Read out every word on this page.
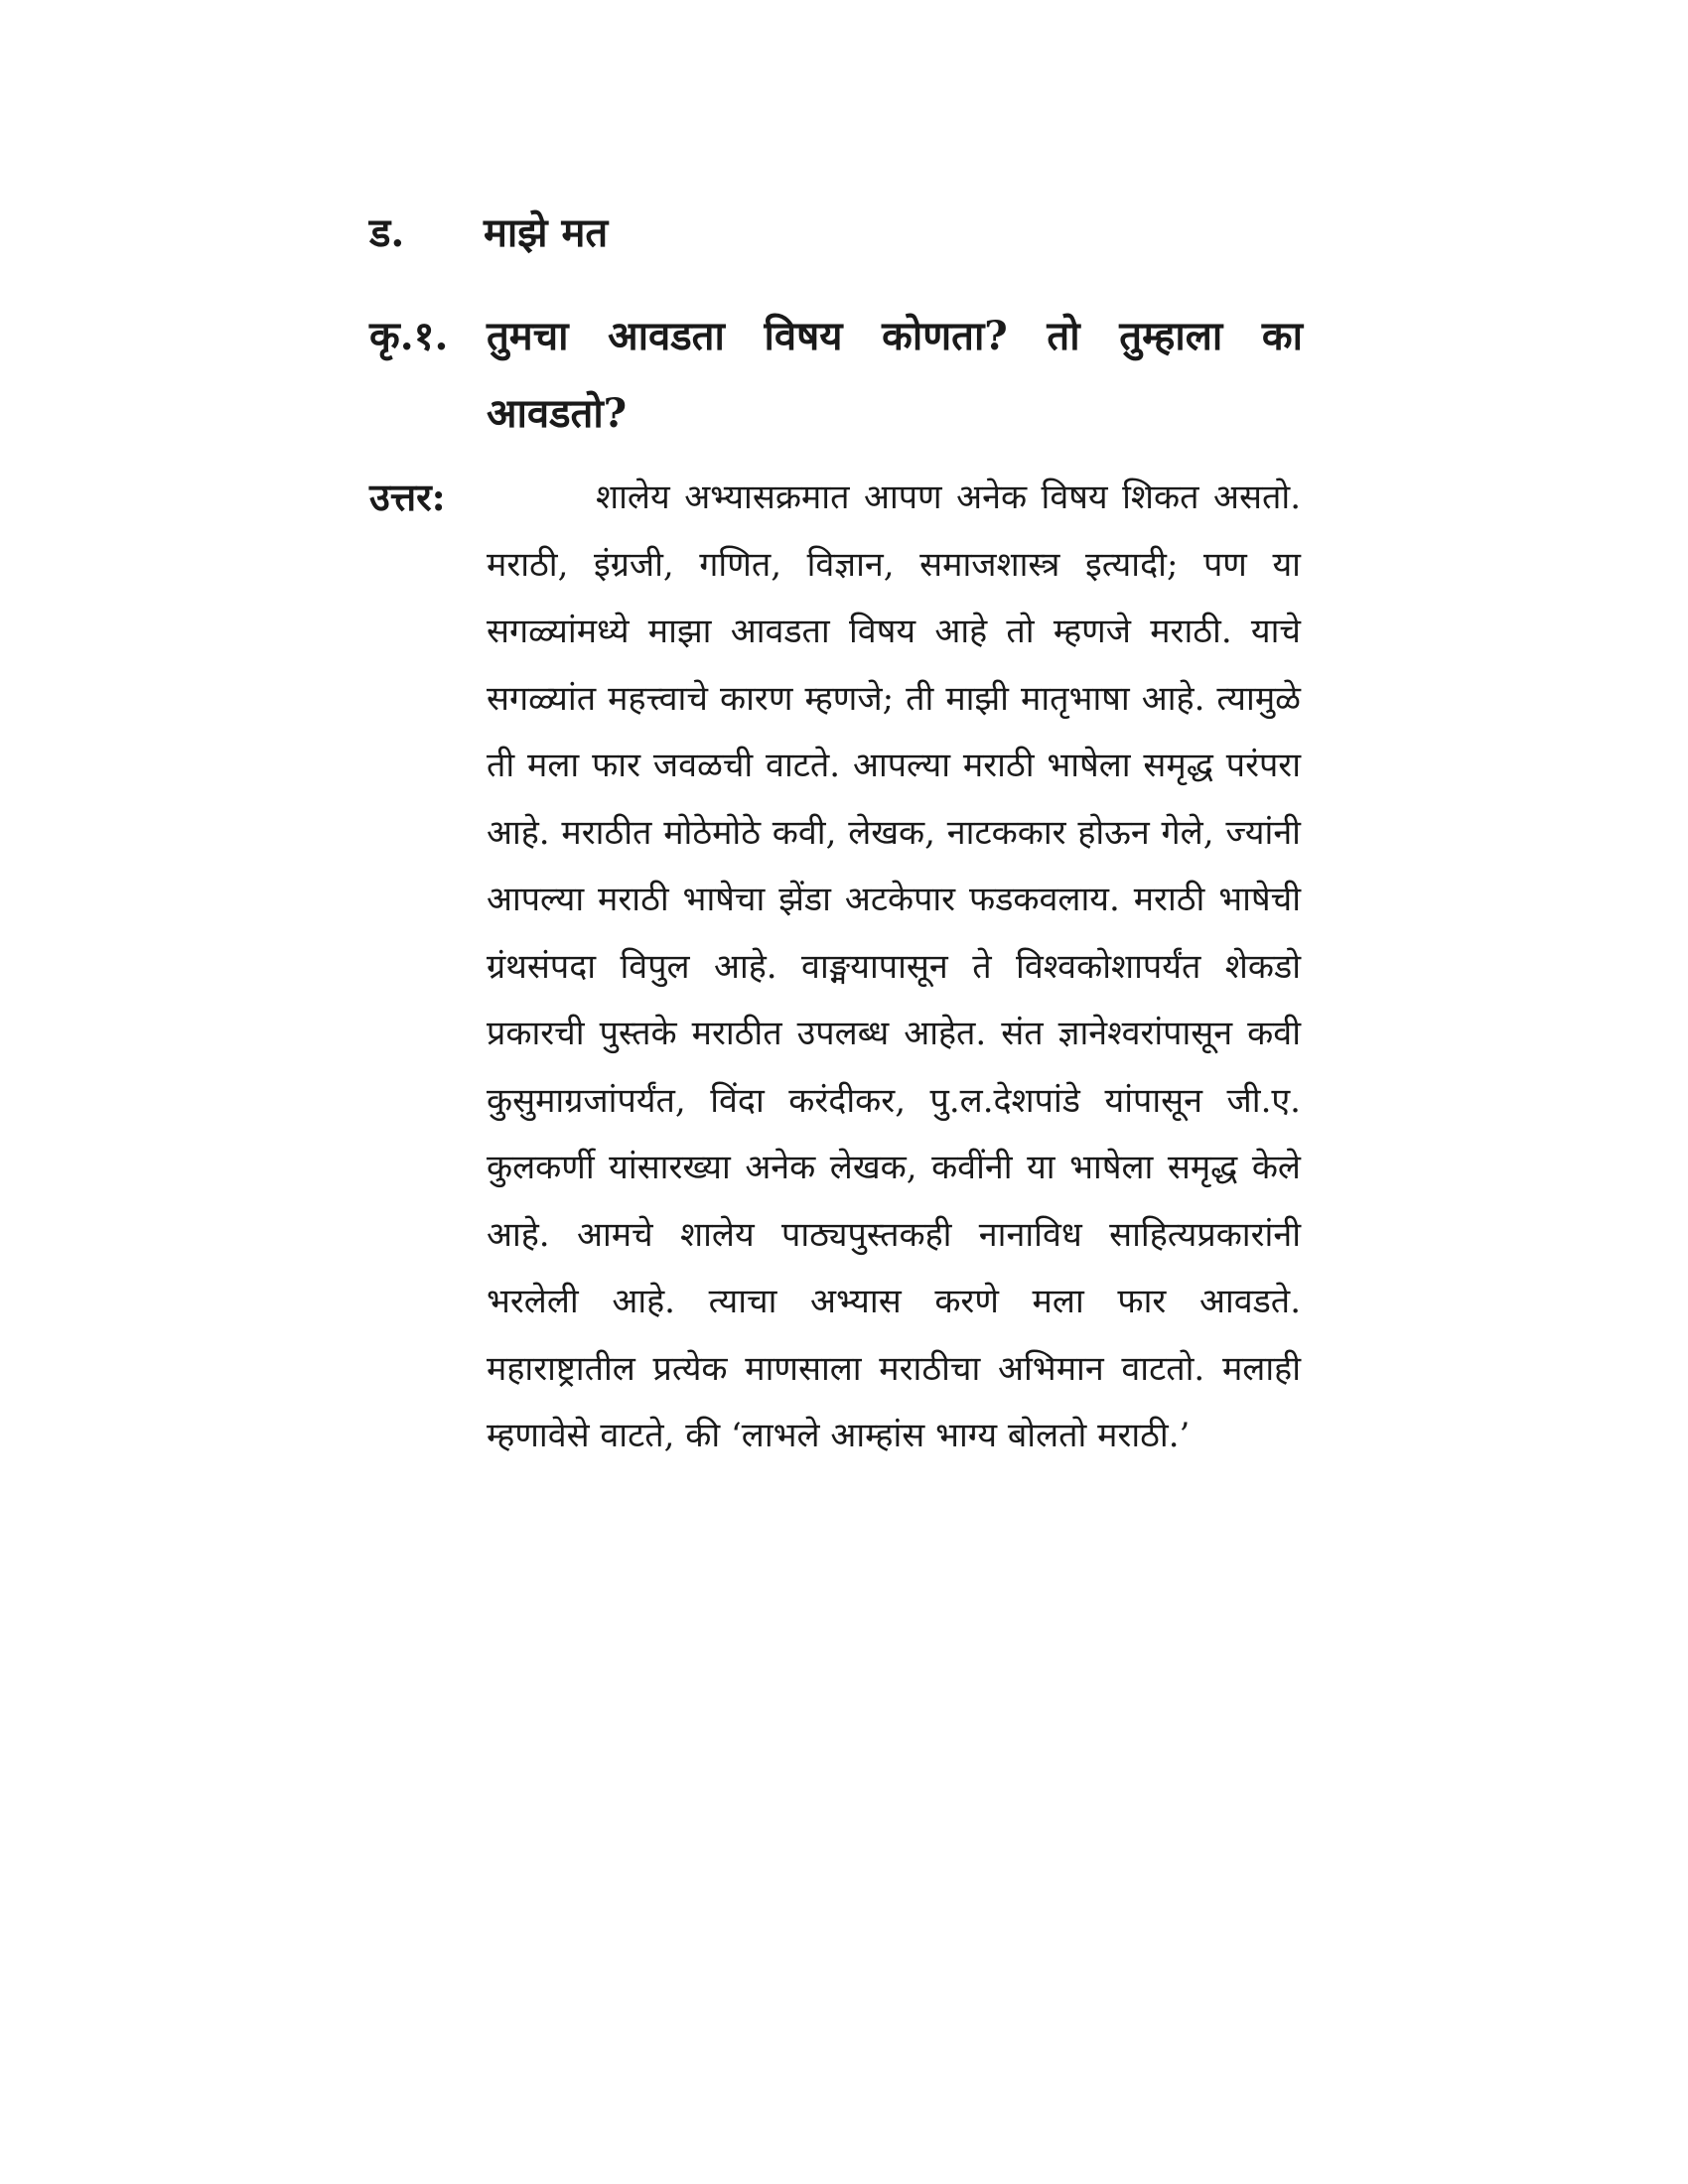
ड. माझे मत
कृ.१. तुमचा आवडता विषय कोणता? तो तुम्हाला का आवडतो?
उत्तर:	शालेय अभ्यासक्रमात आपण अनेक विषय शिकत असतो. मराठी, इंग्रजी, गणित, विज्ञान, समाजशास्त्र इत्यादी; पण या सगळ्यांमध्ये माझा आवडता विषय आहे तो म्हणजे मराठी. याचे सगळ्यांत महत्त्वाचे कारण म्हणजे; ती माझी मातृभाषा आहे. त्यामुळे ती मला फार जवळची वाटते. आपल्या मराठी भाषेला समृद्ध परंपरा आहे. मराठीत मोठेमोठे कवी, लेखक, नाटककार होऊन गेले, ज्यांनी आपल्या मराठी भाषेचा झेंडा अटकेपार फडकवलाय. मराठी भाषेची ग्रंथसंपदा विपुल आहे. वाङ्मयापासून ते विश्वकोशापर्यंत शेकडो प्रकारची पुस्तके मराठीत उपलब्ध आहेत. संत ज्ञानेश्वरांपासून कवी कुसुमाग्रजांपर्यंत, विंदा करंदीकर, पु.ल.देशपांडे यांपासून जी.ए. कुलकर्णी यांसारख्या अनेक लेखक, कवींनी या भाषेला समृद्ध केले आहे. आमचे शालेय पाठ्यपुस्तकही नानाविध साहित्यप्रकारांनी भरलेली आहे. त्याचा अभ्यास करणे मला फार आवडते. महाराष्ट्रातील प्रत्येक माणसाला मराठीचा अभिमान वाटतो. मलाही म्हणावेसे वाटते, की ‘लाभले आम्हांस भाग्य बोलतो मराठी.’
